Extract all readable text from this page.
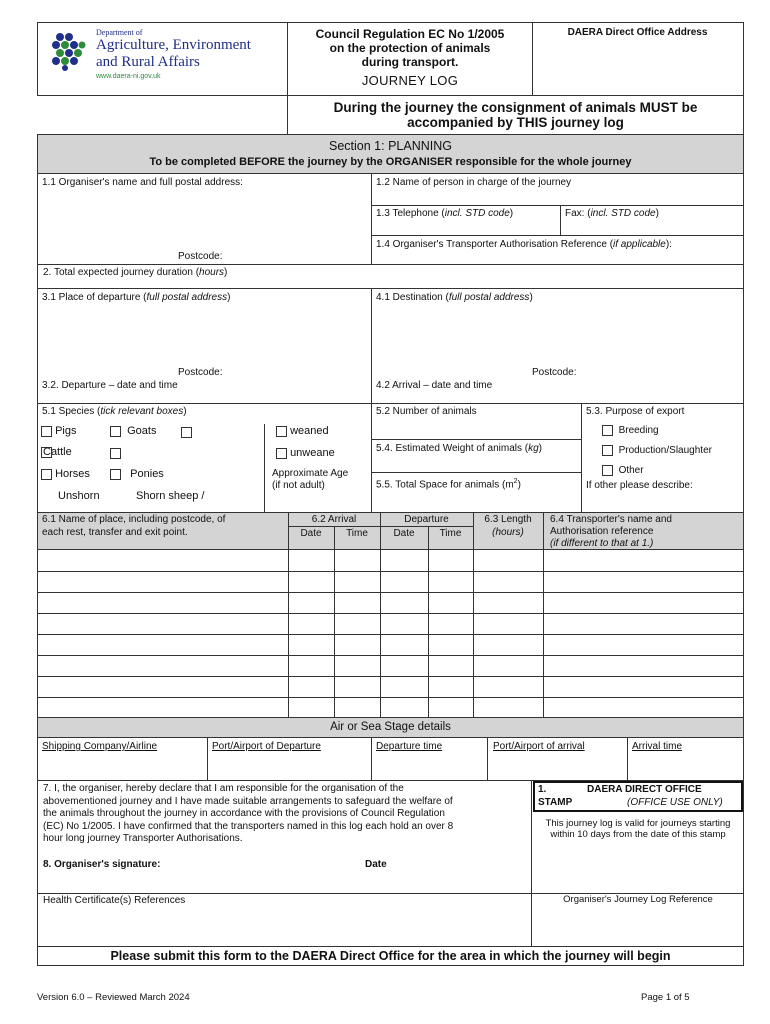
Department of
Agriculture, Environment
and Rural Affairs
www.daera-ni.gov.uk
Council Regulation EC No 1/2005
on the protection of animals
during transport.
JOURNEY LOG
DAERA Direct Office Address
During the journey the consignment of animals MUST be
accompanied by THIS journey log
Section 1: PLANNING
To be completed BEFORE the journey by the ORGANISER responsible for the whole journey
1.1 Organiser's name and full postal address:
Postcode:
1.2 Name of person in charge of the journey
1.3 Telephone (incl. STD code)	Fax: (incl. STD code)
1.4 Organiser's Transporter Authorisation Reference (if applicable):
2. Total expected journey duration (hours)
3.1 Place of departure (full postal address)	4.1 Destination (full postal address)
Postcode:	Postcode:
3.2. Departure – date and time	4.2 Arrival – date and time
5.1 Species (tick relevant boxes)
Pigs	Goats
Cattle
Horses	Ponies
Unshorn	Shorn sheep /
weaned
unweane
Approximate Age
(if not adult)
5.2 Number of animals
5.4. Estimated Weight of animals (kg)
5.5. Total Space for animals $(m^2)$
5.3. Purpose of export
Breeding
Production/Slaughter
Other
If other please describe:
6.1 Name of place, including postcode, of
each rest, transfer and exit point.
6.2 Arrival
Date	Time
Departure
Date	Time
6.3 Length
(hours)
6.4 Transporter's name and
Authorisation reference
(if different to that at 1.)
Air or Sea Stage details
Shipping Company/Airline	Port/Airport of Departure	Departure time	Port/Airport of arrival	Arrival time
7. I, the organiser, hereby declare that I am responsible for the organisation of the
abovementioned journey and I have made suitable arrangements to safeguard the welfare of
the animals throughout the journey in accordance with the provisions of Council Regulation
(EC) No 1/2005. I have confirmed that the transporters named in this log each hold an over 8
hour long journey Transporter Authorisations.
8. Organiser's signature:	Date
1.	DAERA DIRECT OFFICE
STAMP	(OFFICE USE ONLY)
This journey log is valid for journeys starting
within 10 days from the date of this stamp
Health Certificate(s) References	Organiser's Journey Log Reference
Please submit this form to the DAERA Direct Office for the area in which the journey will begin
Version 6.0 – Reviewed March 2024	Page 1 of 5
